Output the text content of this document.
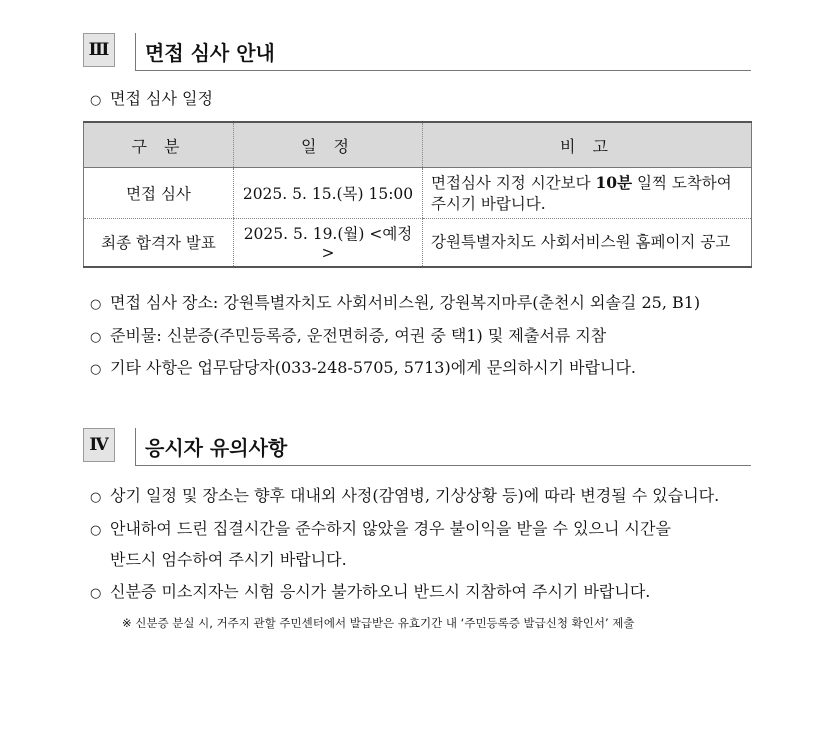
Ⅲ 면접 심사 안내
○ 면접 심사 일정
구 분	일 정	비 고
면접 심사	2025. 5. 15.(목) 15:00	면접심사 지정 시간보다 10분 일찍 도착하여
주시기 바랍니다.
최종 합격자 발표	2025. 5. 19.(월) <예정>	강원특별자치도 사회서비스원 홈페이지 공고
○ 면접 심사 장소: 강원특별자치도 사회서비스원, 강원복지마루(춘천시 외솔길 25, B1)
○ 준비물: 신분증(주민등록증, 운전면허증, 여권 중 택1) 및 제출서류 지참
○ 기타 사항은 업무담당자(033-248-5705, 5713)에게 문의하시기 바랍니다.
Ⅳ	응시자 유의사항
○ 상기 일정 및 장소는 향후 대내외 사정(감염병, 기상상황 등)에 따라 변경될 수 있습니다.
○ 안내하여 드린 집결시간을 준수하지 않았을 경우 불이익을 받을 수 있으니 시간을
반드시 엄수하여 주시기 바랍니다.
○ 신분증 미소지자는 시험 응시가 불가하오니 반드시 지참하여 주시기 바랍니다.
※ 신분증 분실 시, 거주지 관할 주민센터에서 발급받은 유효기간 내 ‘주민등록증 발급신청 확인서’ 제출
